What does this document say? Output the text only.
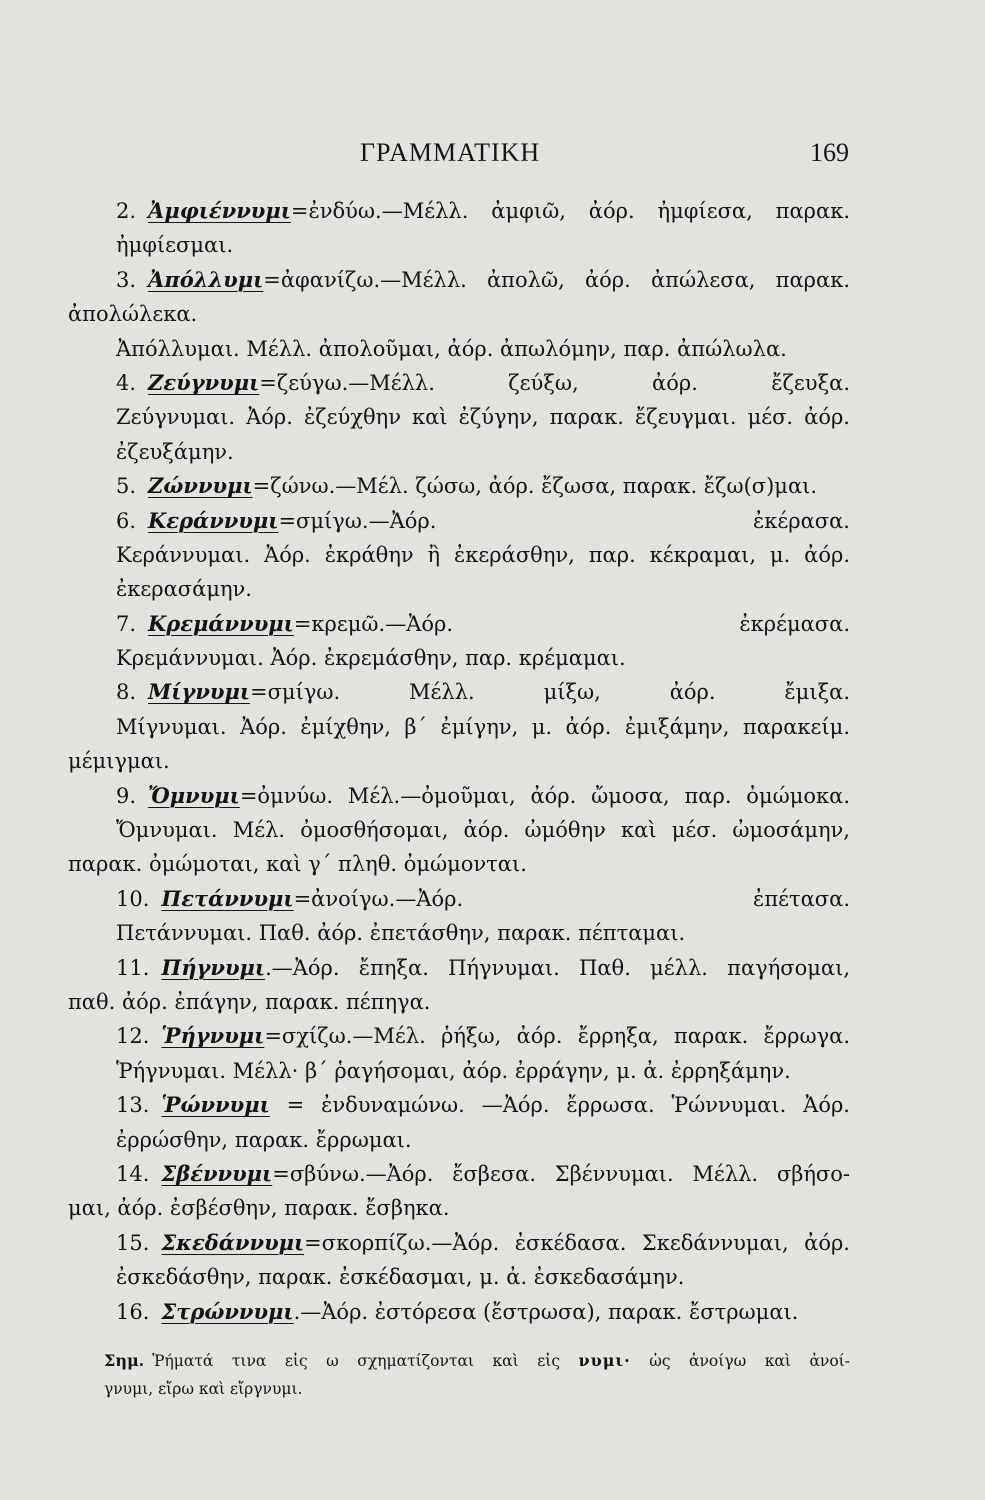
ΓΡΑΜΜΑΤΙΚΗ	169
2. Ἀμφιέννυμι=ἐνδύω.—Μέλλ. ἀμφιῶ, ἀόρ. ἠμφίεσα, παρακ.
ἠμφίεσμαι.
3. Ἀπόλλυμι=ἀφανίζω.—Μέλλ. ἀπολῶ, ἀόρ. ἀπώλεσα, παρακ.
ἀπολώλεκα.
Ἀπόλλυμαι. Μέλλ. ἀπολοῦμαι, ἀόρ. ἀπωλόμην, παρ. ἀπώλωλα.
4. Ζεύγνυμι=ζεύγω.—Μέλλ. ζεύξω, ἀόρ. ἔζευξα.
Ζεύγνυμαι. Ἀόρ. ἐζεύχθην καὶ ἐζύγην, παρακ. ἔζευγμαι. μέσ. ἀόρ.
ἐζευξάμην.
5. Ζώννυμι=ζώνω.—Μέλ. ζώσω, ἀόρ. ἔζωσα, παρακ. ἔζω(σ)μαι.
6. Κεράννυμι=σμίγω.—Ἀόρ. ἐκέρασα.
Κεράννυμαι. Ἀόρ. ἐκράθην ἢ ἐκεράσθην, παρ. κέκραμαι, μ. ἀόρ.
ἐκερασάμην.
7. Κρεμάννυμι=κρεμῶ.—Ἀόρ. ἐκρέμασα.
Κρεμάννυμαι. Ἀόρ. ἐκρεμάσθην, παρ. κρέμαμαι.
8. Μίγνυμι=σμίγω. Μέλλ. μίξω, ἀόρ. ἔμιξα.
Μίγνυμαι. Ἀόρ. ἐμίχθην, β΄ ἐμίγην, μ. ἀόρ. ἐμιξάμην, παρακείμ.
μέμιγμαι.
9. Ὄμνυμι=ὀμνύω. Μέλ.—ὀμοῦμαι, ἀόρ. ὤμοσα, παρ. ὀμώμοκα.
Ὄμνυμαι. Μέλ. ὀμοσθήσομαι, ἀόρ. ὠμόθην καὶ μέσ. ὠμοσάμην,
παρακ. ὀμώμοται, καὶ γ΄ πληθ. ὀμώμονται.
10. Πετάννυμι=ἀνοίγω.—Ἀόρ. ἐπέτασα.
Πετάννυμαι. Παθ. ἀόρ. ἐπετάσθην, παρακ. πέπταμαι.
11. Πήγνυμι.—Ἀόρ. ἔπηξα. Πήγνυμαι. Παθ. μέλλ. παγήσομαι,
παθ. ἀόρ. ἐπάγην, παρακ. πέπηγα.
12. Ῥήγνυμι=σχίζω.—Μέλ. ῥήξω, ἀόρ. ἔρρηξα, παρακ. ἔρρωγα.
Ῥήγνυμαι. Μέλλ· β΄ ῥαγήσομαι, ἀόρ. ἐρράγην, μ. ἀ. ἐρρηξάμην.
13. Ῥώννυμι = ἐνδυναμώνω. —Ἀόρ. ἔρρωσα. Ῥώννυμαι. Ἀόρ.
ἐρρώσθην, παρακ. ἔρρωμαι.
14. Σβέννυμι=σβύνω.—Ἀόρ. ἔσβεσα. Σβέννυμαι. Μέλλ. σβήσο-
μαι, ἀόρ. ἐσβέσθην, παρακ. ἔσβηκα.
15. Σκεδάννυμι=σκορπίζω.—Ἀόρ. ἐσκέδασα. Σκεδάννυμαι, ἀόρ.
ἐσκεδάσθην, παρακ. ἐσκέδασμαι, μ. ἀ. ἐσκεδασάμην.
16. Στρώννυμι.—Ἀόρ. ἐστόρεσα (ἔστρωσα), παρακ. ἔστρωμαι.
Σημ. Ῥήματά τινα εἰς ω σχηματίζονται καὶ εἰς νυμι· ὡς ἀνοίγω καὶ ἀνοί-
γνυμι, εἴρω καὶ εἴργνυμι.
